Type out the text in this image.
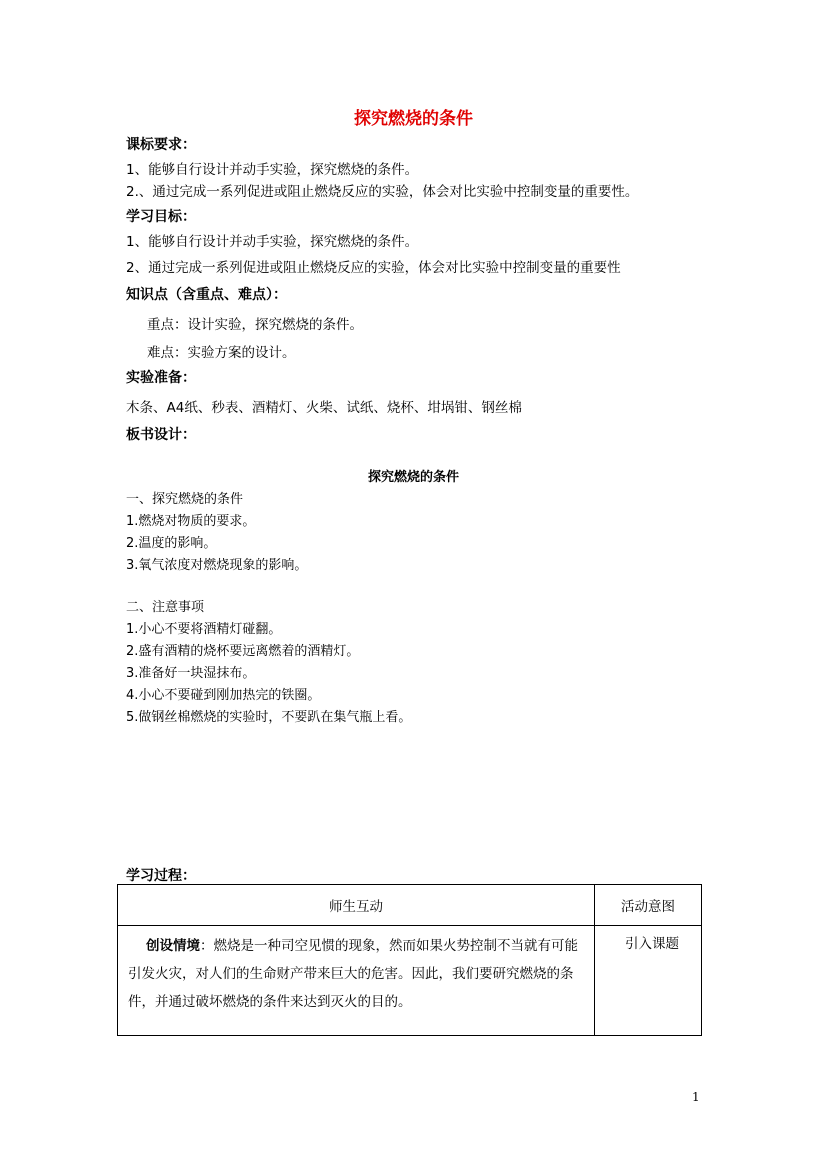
探究燃烧的条件
课标要求：
1、能够自行设计并动手实验，探究燃烧的条件。
2.、通过完成一系列促进或阻止燃烧反应的实验，体会对比实验中控制变量的重要性。
学习目标：
1、能够自行设计并动手实验，探究燃烧的条件。
2、通过完成一系列促进或阻止燃烧反应的实验，体会对比实验中控制变量的重要性
知识点（含重点、难点）：
重点：设计实验，探究燃烧的条件。
难点：实验方案的设计。
实验准备：
木条、A4纸、秒表、酒精灯、火柴、试纸、烧杯、坩埚钳、钢丝棉
板书设计：
探究燃烧的条件
一、探究燃烧的条件
1.燃烧对物质的要求。
2.温度的影响。
3.氧气浓度对燃烧现象的影响。
二、注意事项
1.小心不要将酒精灯碰翻。
2.盛有酒精的烧杯要远离燃着的酒精灯。
3.准备好一块湿抹布。
4.小心不要碰到刚加热完的铁圈。
5.做钢丝棉燃烧的实验时，不要趴在集气瓶上看。
学习过程：
师生互动	活动意图
创设情境：燃烧是一种司空见惯的现象，然而如果火势控制不当就有可能引发火灾，对人们的生命财产带来巨大的危害。因此，我们要研究燃烧的条件，并通过破坏燃烧的条件来达到灭火的目的。	引入课题
1
